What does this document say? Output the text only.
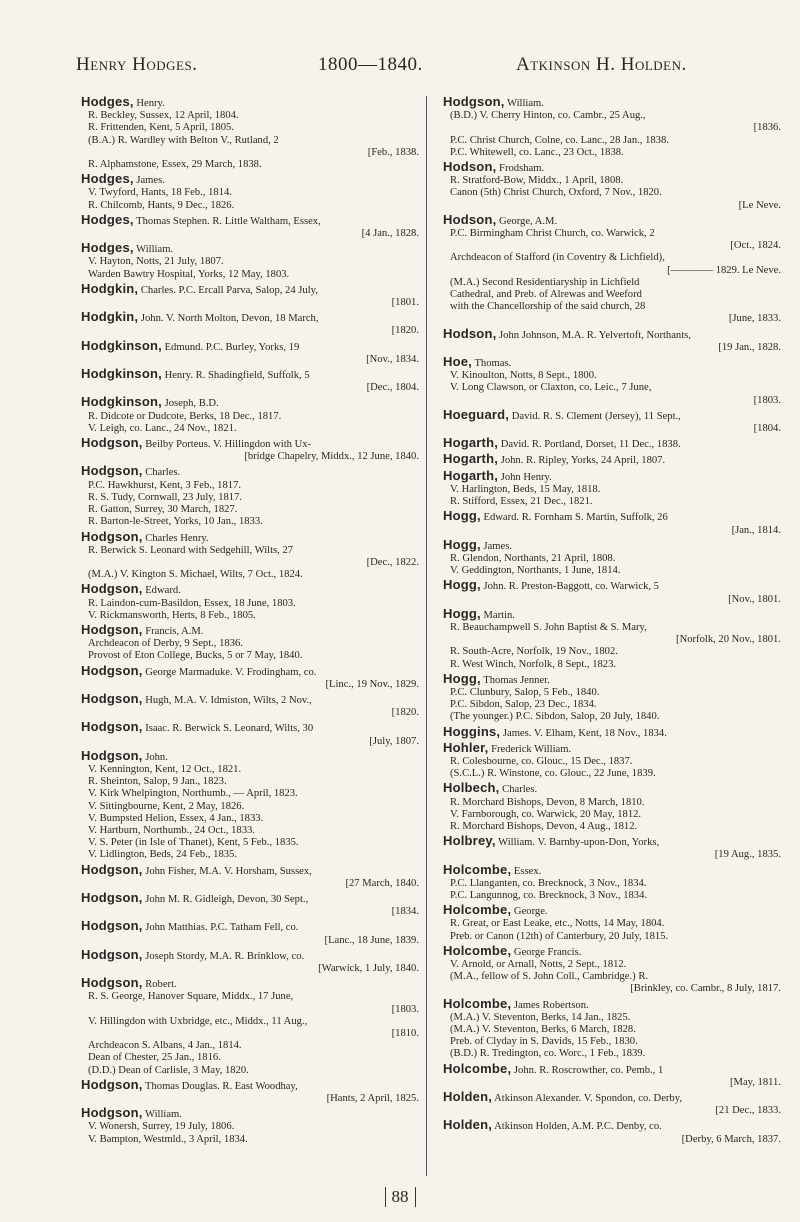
Henry Hodges.	1800—1840.	Atkinson H. Holden.
Hodges, Henry.
R. Beckley, Sussex, 12 April, 1804.
R. Frittenden, Kent, 5 April, 1805.
(B.A.) R. Wardley with Belton V., Rutland, 2
[Feb., 1838.
R. Alphamstone, Essex, 29 March, 1838.
Hodges, James.
V. Twyford, Hants, 18 Feb., 1814.
R. Chilcomb, Hants, 9 Dec., 1826.
Hodges, Thomas Stephen. R. Little Waltham, Essex,
[4 Jan., 1828.
Hodges, William.
V. Hayton, Notts, 21 July, 1807.
Warden Bawtry Hospital, Yorks, 12 May, 1803.
Hodgkin, Charles. P.C. Ercall Parva, Salop, 24 July,
[1801.
Hodgkin, John. V. North Molton, Devon, 18 March,
[1820.
Hodgkinson, Edmund. P.C. Burley, Yorks, 19
[Nov., 1834.
Hodgkinson, Henry. R. Shadingfield, Suffolk, 5
[Dec., 1804.
Hodgkinson, Joseph, B.D.
R. Didcote or Dudcote, Berks, 18 Dec., 1817.
V. Leigh, co. Lanc., 24 Nov., 1821.
Hodgson, Beilby Porteus. V. Hillingdon with Ux-
[bridge Chapelry, Middx., 12 June, 1840.
Hodgson, Charles.
P.C. Hawkhurst, Kent, 3 Feb., 1817.
R. S. Tudy, Cornwall, 23 July, 1817.
R. Gatton, Surrey, 30 March, 1827.
R. Barton-le-Street, Yorks, 10 Jan., 1833.
Hodgson, Charles Henry.
R. Berwick S. Leonard with Sedgehill, Wilts, 27
[Dec., 1822.
(M.A.) V. Kington S. Michael, Wilts, 7 Oct., 1824.
Hodgson, Edward.
R. Laindon-cum-Basildon, Essex, 18 June, 1803.
V. Rickmansworth, Herts, 8 Feb., 1805.
Hodgson, Francis, A.M.
Archdeacon of Derby, 9 Sept., 1836.
Provost of Eton College, Bucks, 5 or 7 May, 1840.
Hodgson, George Marmaduke. V. Frodingham, co.
[Linc., 19 Nov., 1829.
Hodgson, Hugh, M.A. V. Idmiston, Wilts, 2 Nov.,
[1820.
Hodgson, Isaac. R. Berwick S. Leonard, Wilts, 30
[July, 1807.
Hodgson, John.
V. Kennington, Kent, 12 Oct., 1821.
R. Sheinton, Salop, 9 Jan., 1823.
V. Kirk Whelpington, Northumb., — April, 1823.
V. Sittingbourne, Kent, 2 May, 1826.
V. Bumpsted Helion, Essex, 4 Jan., 1833.
V. Hartburn, Northumb., 24 Oct., 1833.
V. S. Peter (in Isle of Thanet), Kent, 5 Feb., 1835.
V. Lidlington, Beds, 24 Feb., 1835.
Hodgson, John Fisher, M.A. V. Horsham, Sussex,
[27 March, 1840.
Hodgson, John M. R. Gidleigh, Devon, 30 Sept.,
[1834.
Hodgson, John Matthias. P.C. Tatham Fell, co.
[Lanc., 18 June, 1839.
Hodgson, Joseph Stordy, M.A. R. Brinklow, co.
[Warwick, 1 July, 1840.
Hodgson, Robert.
R. S. George, Hanover Square, Middx., 17 June,
[1803.
V. Hillingdon with Uxbridge, etc., Middx., 11 Aug.,
[1810.
Archdeacon S. Albans, 4 Jan., 1814.
Dean of Chester, 25 Jan., 1816.
(D.D.) Dean of Carlisle, 3 May, 1820.
Hodgson, Thomas Douglas. R. East Woodhay,
[Hants, 2 April, 1825.
Hodgson, William.
V. Wonersh, Surrey, 19 July, 1806.
V. Bampton, Westmld., 3 April, 1834.
Hodgson, William.
(B.D.) V. Cherry Hinton, co. Cambr., 25 Aug.,
[1836.
P.C. Christ Church, Colne, co. Lanc., 28 Jan., 1838.
P.C. Whitewell, co. Lanc., 23 Oct., 1838.
Hodson, Frodsham.
R. Stratford-Bow, Middx., 1 April, 1808.
Canon (5th) Christ Church, Oxford, 7 Nov., 1820.
[Le Neve.
Hodson, George, A.M.
P.C. Birmingham Christ Church, co. Warwick, 2
[Oct., 1824.
Archdeacon of Stafford (in Coventry & Lichfield),
[———— 1829. Le Neve.
(M.A.) Second Residentiaryship in Lichfield
Cathedral, and Preb. of Alrewas and Weeford
with the Chancellorship of the said church, 28
[June, 1833.
Hodson, John Johnson, M.A. R. Yelvertoft, Northants,
[19 Jan., 1828.
Hoe, Thomas.
V. Kinoulton, Notts, 8 Sept., 1800.
V. Long Clawson, or Claxton, co. Leic., 7 June,
[1803.
Hoeguard, David. R. S. Clement (Jersey), 11 Sept.,
[1804.
Hogarth, David. R. Portland, Dorset, 11 Dec., 1838.
Hogarth, John. R. Ripley, Yorks, 24 April, 1807.
Hogarth, John Henry.
V. Harlington, Beds, 15 May, 1818.
R. Stifford, Essex, 21 Dec., 1821.
Hogg, Edward. R. Fornham S. Martin, Suffolk, 26
[Jan., 1814.
Hogg, James.
R. Glendon, Northants, 21 April, 1808.
V. Geddington, Northants, 1 June, 1814.
Hogg, John. R. Preston-Baggott, co. Warwick, 5
[Nov., 1801.
Hogg, Martin.
R. Beauchampwell S. John Baptist & S. Mary,
[Norfolk, 20 Nov., 1801.
R. South-Acre, Norfolk, 19 Nov., 1802.
R. West Winch, Norfolk, 8 Sept., 1823.
Hogg, Thomas Jenner.
P.C. Clunbury, Salop, 5 Feb., 1840.
P.C. Sibdon, Salop, 23 Dec., 1834.
(The younger.) P.C. Sibdon, Salop, 20 July, 1840.
Hoggins, James. V. Elham, Kent, 18 Nov., 1834.
Hohler, Frederick William.
R. Colesbourne, co. Glouc., 15 Dec., 1837.
(S.C.L.) R. Winstone, co. Glouc., 22 June, 1839.
Holbech, Charles.
R. Morchard Bishops, Devon, 8 March, 1810.
V. Farnborough, co. Warwick, 20 May, 1812.
R. Morchard Bishops, Devon, 4 Aug., 1812.
Holbrey, William. V. Barnby-upon-Don, Yorks,
[19 Aug., 1835.
Holcombe, Essex.
P.C. Llanganten, co. Brecknock, 3 Nov., 1834.
P.C. Langunnog, co. Brecknock, 3 Nov., 1834.
Holcombe, George.
R. Great, or East Leake, etc., Notts, 14 May, 1804.
Preb. or Canon (12th) of Canterbury, 20 July, 1815.
Holcombe, George Francis.
V. Arnold, or Arnall, Notts, 2 Sept., 1812.
(M.A., fellow of S. John Coll., Cambridge.) R.
[Brinkley, co. Cambr., 8 July, 1817.
Holcombe, James Robertson.
(M.A.) V. Steventon, Berks, 14 Jan., 1825.
(M.A.) V. Steventon, Berks, 6 March, 1828.
Preb. of Clyday in S. Davids, 15 Feb., 1830.
(B.D.) R. Tredington, co. Worc., 1 Feb., 1839.
Holcombe, John. R. Roscrowther, co. Pemb., 1
[May, 1811.
Holden, Atkinson Alexander. V. Spondon, co. Derby,
[21 Dec., 1833.
Holden, Atkinson Holden, A.M. P.C. Denby, co.
[Derby, 6 March, 1837.
88
